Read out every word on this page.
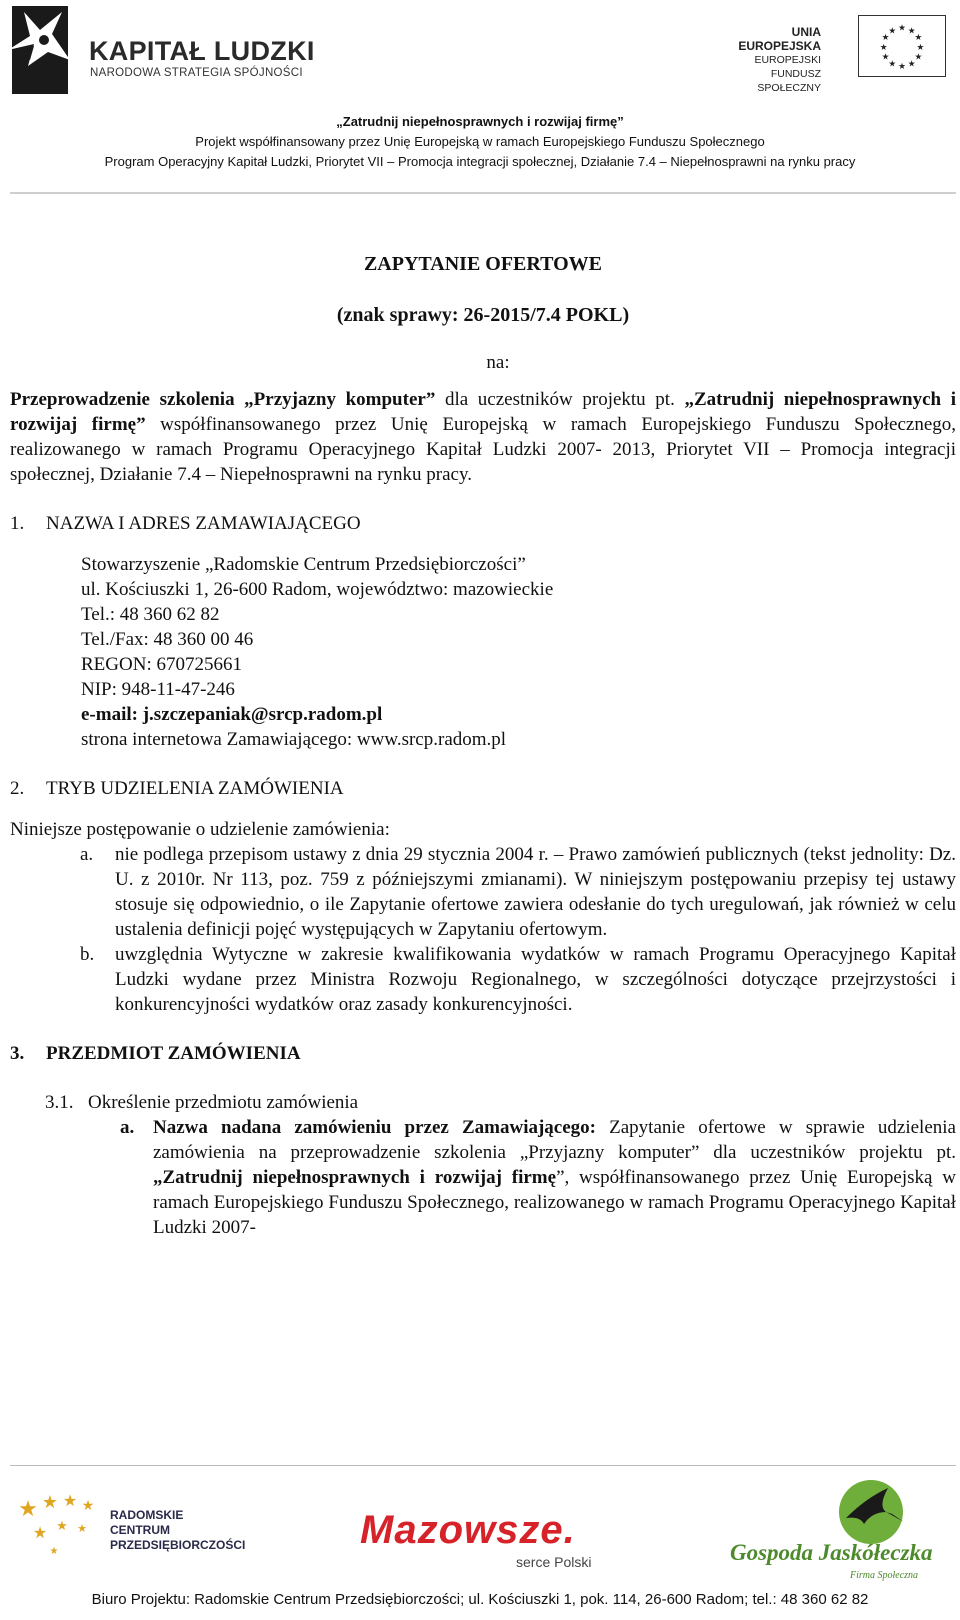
KAPITAŁ LUDZKI
NARODOWA STRATEGIA SPÓJNOŚCI
UNIA EUROPEJSKA
EUROPEJSKI
FUNDUSZ SPOŁECZNY
★ ★
★
★
★
★
★
★
★
★
★
★
„Zatrudnij niepełnosprawnych i rozwijaj firmę”
Projekt współfinansowany przez Unię Europejską w ramach Europejskiego Funduszu Społecznego
Program Operacyjny Kapitał Ludzki, Priorytet VII – Promocja integracji społecznej, Działanie 7.4 – Niepełnosprawni na rynku pracy
ZAPYTANIE OFERTOWE
(znak sprawy: 26-2015/7.4 POKL)
na:

Przeprowadzenie szkolenia „Przyjazny komputer” dla uczestników projektu pt. „Zatrudnij niepełnosprawnych i rozwijaj firmę” współfinansowanego przez Unię Europejską w ramach Europejskiego Funduszu Społecznego, realizowanego w ramach Programu Operacyjnego Kapitał Ludzki 2007- 2013, Priorytet VII – Promocja integracji społecznej, Działanie 7.4 – Niepełnosprawni na rynku pracy.

1.	NAZWA I ADRES ZAMAWIAJĄCEGO
Stowarzyszenie „Radomskie Centrum Przedsiębiorczości”
ul. Kościuszki 1, 26-600 Radom, województwo: mazowieckie
Tel.: 48 360 62 82
Tel./Fax: 48 360 00 46
REGON: 670725661
NIP: 948-11-47-246
e-mail: j.szczepaniak@srcp.radom.pl
strona internetowa Zamawiającego: www.srcp.radom.pl
2.	TRYB UDZIELENIA ZAMÓWIENIA
Niniejsze postępowanie o udzielenie zamówienia:
a.	nie podlega przepisom ustawy z dnia 29 stycznia 2004 r. – Prawo zamówień publicznych (tekst jednolity: Dz. U. z 2010r. Nr 113, poz. 759 z późniejszymi zmianami). W niniejszym postępowaniu przepisy tej ustawy stosuje się odpowiednio, o ile Zapytanie ofertowe zawiera odesłanie do tych uregulowań, jak również w celu ustalenia definicji pojęć występujących w Zapytaniu ofertowym.
b.	uwzględnia Wytyczne w zakresie kwalifikowania wydatków w ramach Programu Operacyjnego Kapitał Ludzki wydane przez Ministra Rozwoju Regionalnego, w szczególności dotyczące przejrzystości i konkurencyjności wydatków oraz zasady konkurencyjności.
3.	PRZEDMIOT ZAMÓWIENIA
3.1. Określenie przedmiotu zamówienia
a. Nazwa nadana zamówieniu przez Zamawiającego: Zapytanie ofertowe w sprawie udzielenia zamówienia na przeprowadzenie szkolenia „Przyjazny komputer” dla uczestników projektu pt. „Zatrudnij niepełnosprawnych i rozwijaj firmę”, współfinansowanego przez Unię Europejską w ramach Europejskiego Funduszu Społecznego, realizowanego w ramach Programu Operacyjnego Kapitał Ludzki 2007-
★ ★ ★ ★
★ ★ ★
★
RADOMSKIE
CENTRUM
PRZEDSIĘBIORCZOŚCI	Mazowsze.
serce Polski	Gospoda Jaskółeczka
Firma Społeczna
Biuro Projektu: Radomskie Centrum Przedsiębiorczości; ul. Kościuszki 1, pok. 114, 26-600 Radom; tel.: 48 360 62 82
